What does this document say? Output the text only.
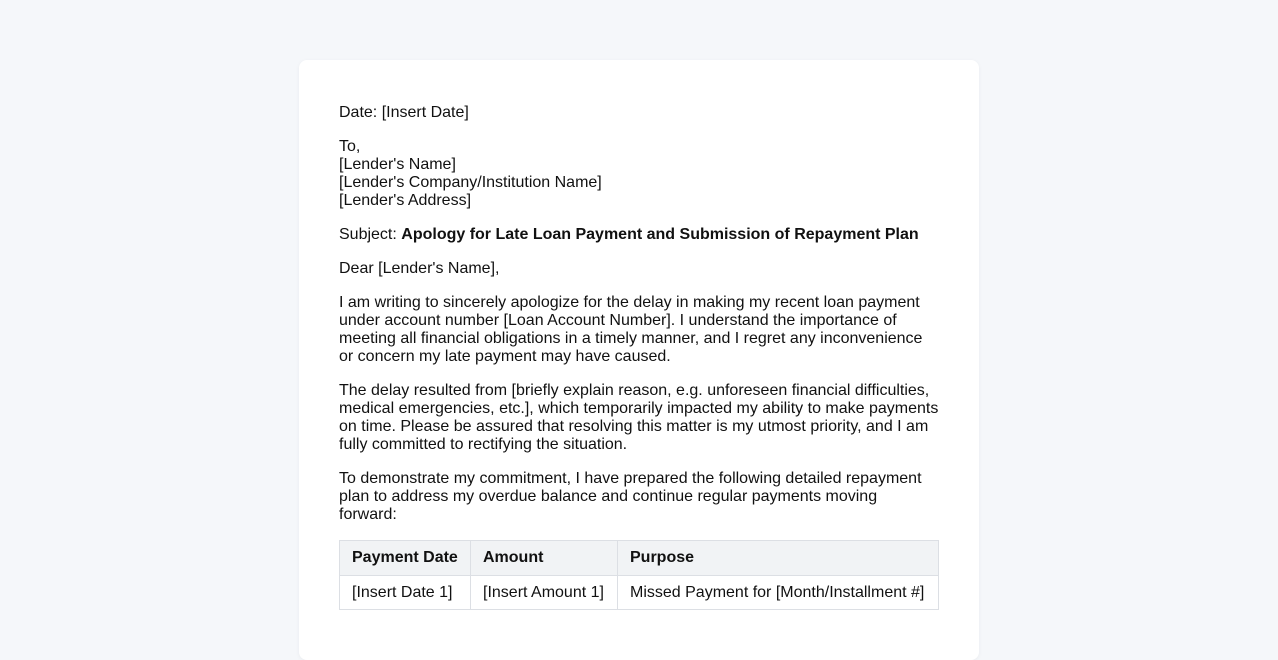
Date: [Insert Date]

To,
[Lender's Name]
[Lender's Company/Institution Name]
[Lender's Address]

Subject: Apology for Late Loan Payment and Submission of Repayment Plan

Dear [Lender's Name],

I am writing to sincerely apologize for the delay in making my recent loan payment under account number [Loan Account Number]. I understand the importance of meeting all financial obligations in a timely manner, and I regret any inconvenience or concern my late payment may have caused.

The delay resulted from [briefly explain reason, e.g. unforeseen financial difficulties, medical emergencies, etc.], which temporarily impacted my ability to make payments on time. Please be assured that resolving this matter is my utmost priority, and I am fully committed to rectifying the situation.

To demonstrate my commitment, I have prepared the following detailed repayment plan to address my overdue balance and continue regular payments moving forward:

Payment Date	Amount	Purpose
[Insert Date 1]	[Insert Amount 1]	Missed Payment for [Month/Installment #]
